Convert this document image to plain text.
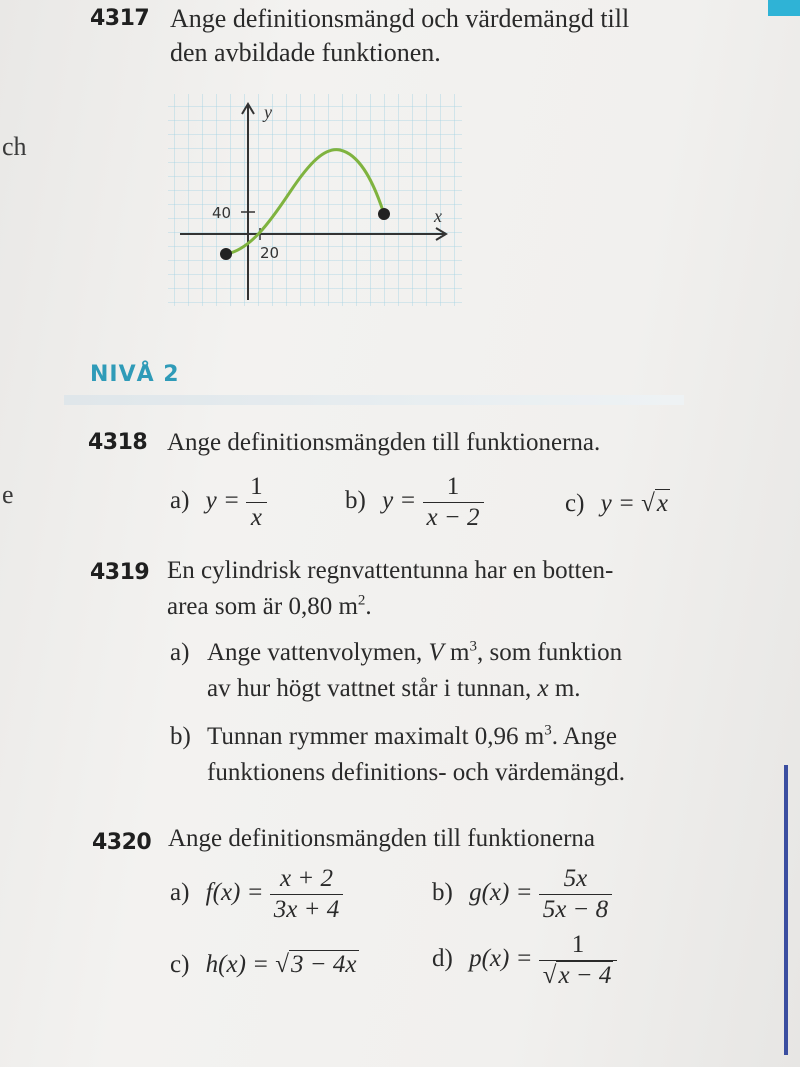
ch
e
4317 Ange definitionsmängd och värdemängd till
den avbildade funktionen.
y
x
40
20
NIVÅ 2
4318 Ange definitionsmängden till funktionerna.
a) $y = \frac{1}{x}$	b) $y = \frac{1}{x - 2}$	c) y = √x
4319 En cylindrisk regnvattentunna har en botten-
area som är 0,80 $m^2$.
a) Ange vattenvolymen, V $m^3$, som funktion
av hur högt vattnet står i tunnan, x m.
b) Tunnan rymmer maximalt 0,96 $m^3$. Ange
funktionens definitions- och värdemängd.
4320 Ange definitionsmängden till funktionerna
a) $f(x) = \frac{x + 2}{3x + 4}$	b) $g(x) = \frac{5x}{5x - 8}$
c) h(x) = √3 − 4x	d) $p(x) = \frac{1}{√x - 4}$
